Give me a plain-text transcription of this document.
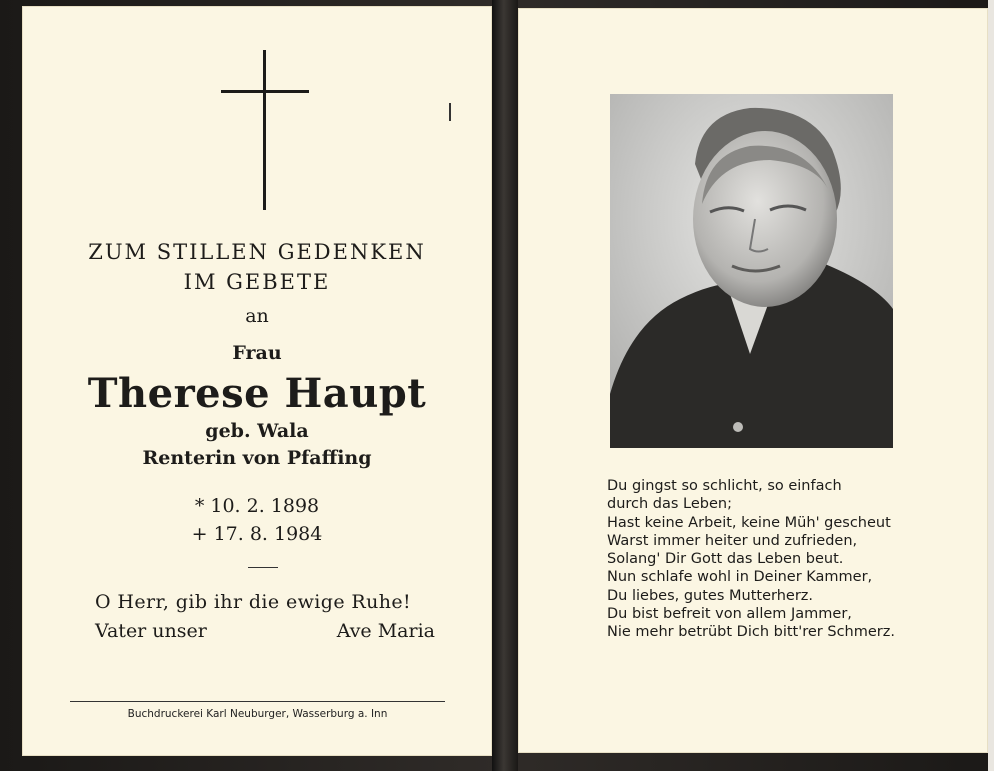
ZUM STILLEN GEDENKEN
IM GEBETE
an
Frau
Therese Haupt
geb. Wala
Renterin von Pfaffing
* 10. 2. 1898
+ 17. 8. 1984
O Herr, gib ihr die ewige Ruhe!
Vater unser	Ave Maria
Buchdruckerei Karl Neuburger, Wasserburg a. Inn
Du gingst so schlicht, so einfach
durch das Leben;
Hast keine Arbeit, keine Müh' gescheut
Warst immer heiter und zufrieden,
Solang' Dir Gott das Leben beut.
Nun schlafe wohl in Deiner Kammer,
Du liebes, gutes Mutterherz.
Du bist befreit von allem Jammer,
Nie mehr betrübt Dich bitt'rer Schmerz.
